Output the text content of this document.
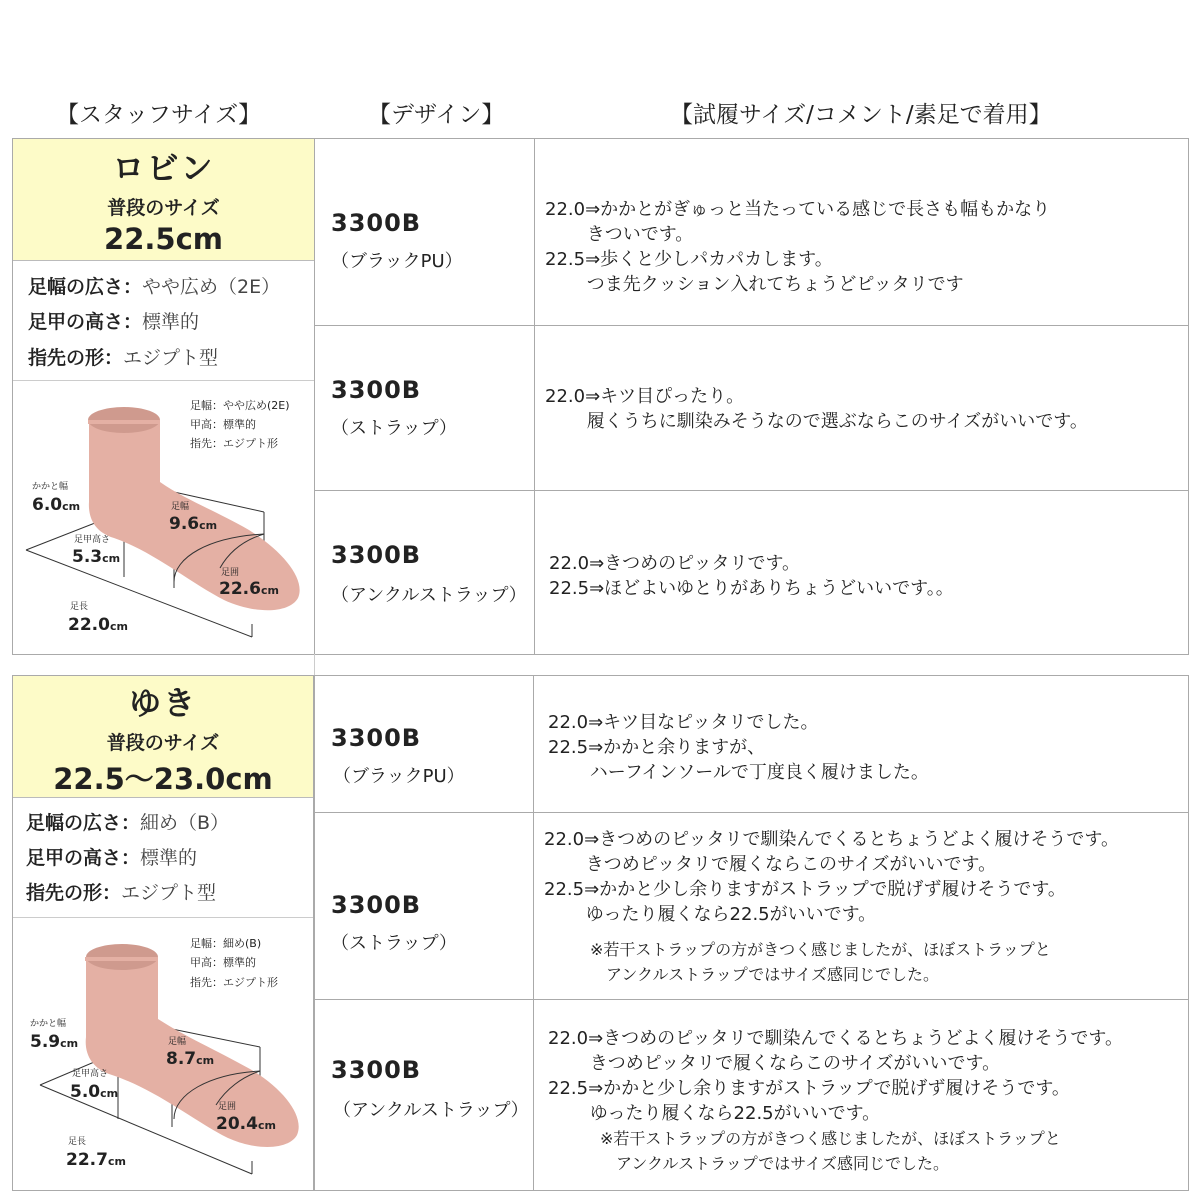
【スタッフサイズ】	【デザイン】	【試履サイズ/コメント/素足で着用】
ロビン
普段のサイズ
22.5cm
足幅の広さ：やや広め（2E）
足甲の高さ：標準的
指先の形：エジプト型
足幅：やや広め(2E)
甲高：標準的
指先：エジプト形
かかと幅
6.0cm
足甲高さ
5.3cm
足幅
9.6cm
足囲
22.6cm
足長
22.0cm
3300B
（ブラックPU）
3300B
（ストラップ）
3300B
（アンクルストラップ）
22.0⇒かかとがぎゅっと当たっている感じで長さも幅もかなり
　　 きついです。
22.5⇒歩くと少しパカパカします。
　　 つま先クッション入れてちょうどピッタリです
22.0⇒キツ目ぴったり。
　　 履くうちに馴染みそうなので選ぶならこのサイズがいいです。
22.0⇒きつめのピッタリです。
22.5⇒ほどよいゆとりがありちょうどいいです。。
ゆき
普段のサイズ
22.5〜23.0cm
足幅の広さ：細め（B）
足甲の高さ：標準的
指先の形：エジプト型
足幅：細め(B)
甲高：標準的
指先：エジプト形
かかと幅
5.9cm
足甲高さ
5.0cm
足幅
8.7cm
足囲
20.4cm
足長
22.7cm
3300B
（ブラックPU）
3300B
（ストラップ）
3300B
（アンクルストラップ）
22.0⇒キツ目なピッタリでした。
22.5⇒かかと余りますが、
　　 ハーフインソールで丁度良く履けました。
22.0⇒きつめのピッタリで馴染んでくるとちょうどよく履けそうです。
　　 きつめピッタリで履くならこのサイズがいいです。
22.5⇒かかと少し余りますがストラップで脱げず履けそうです。
　　 ゆったり履くなら22.5がいいです。
※若干ストラップの方がきつく感じましたが、ほぼストラップと
　アンクルストラップではサイズ感同じでした。
22.0⇒きつめのピッタリで馴染んでくるとちょうどよく履けそうです。
　　 きつめピッタリで履くならこのサイズがいいです。
22.5⇒かかと少し余りますがストラップで脱げず履けそうです。
　　 ゆったり履くなら22.5がいいです。
※若干ストラップの方がきつく感じましたが、ほぼストラップと
　アンクルストラップではサイズ感同じでした。
